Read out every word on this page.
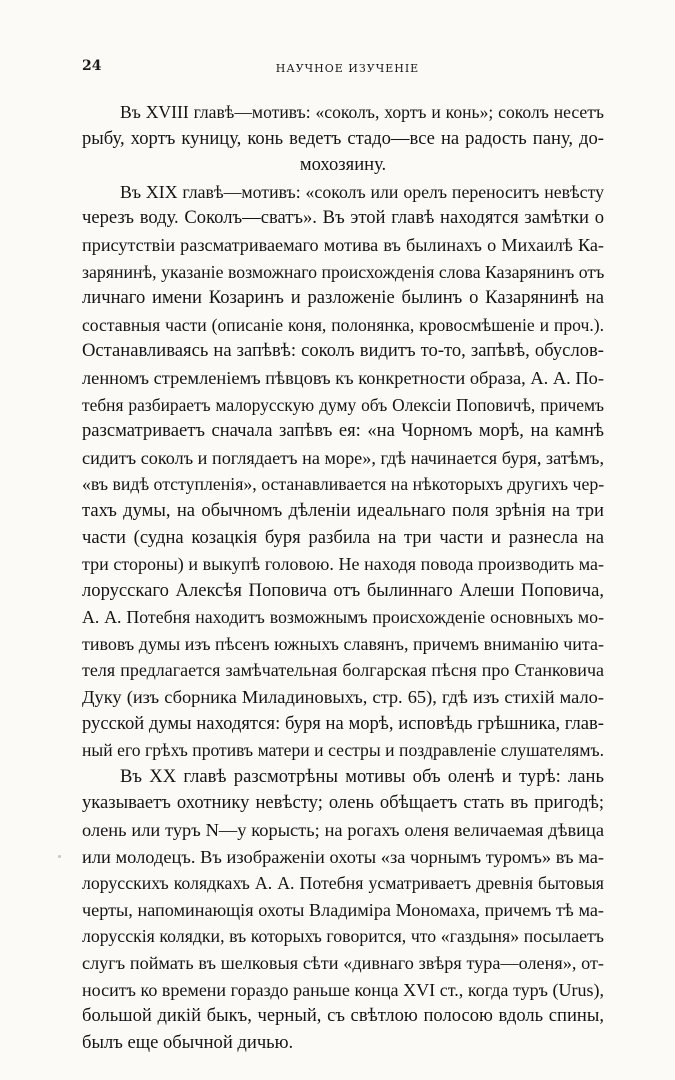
24	НАУЧНОЕ ИЗУЧЕНІЕ
Въ XVIII главѣ—мотивъ: «соколъ, хортъ и конь»; соколъ несетъ
рыбу, хортъ куницу, конь ведетъ стадо—все на радость пану, до-
мохозяину.
Въ XIX главѣ—мотивъ: «соколъ или орелъ переноситъ невѣсту
черезъ воду. Соколъ—сватъ». Въ этой главѣ находятся замѣтки о
присутствіи разсматриваемаго мотива въ былинахъ о Михаилѣ Ка-
зарянинѣ, указаніе возможнаго происхожденія слова Казарянинъ отъ
личнаго имени Козаринъ и разложеніе былинъ о Казарянинѣ на
составныя части (описаніе коня, полонянка, кровосмѣшеніе и проч.).
Останавливаясь на запѣвѣ: соколъ видитъ то-то, запѣвѣ, обуслов-
ленномъ стремленіемъ пѣвцовъ къ конкретности образа, А. А. По-
тебня разбираетъ малорусскую думу объ Олексіи Поповичѣ, причемъ
разсматриваетъ сначала запѣвъ ея: «на Чорномъ морѣ, на камнѣ
сидитъ соколъ и поглядаетъ на море», гдѣ начинается буря, затѣмъ,
«въ видѣ отступленія», останавливается на нѣкоторыхъ другихъ чер-
тахъ думы, на обычномъ дѣленіи идеальнаго поля зрѣнія на три
части (судна козацкія буря разбила на три части и разнесла на
три стороны) и выкупѣ головою. Не находя повода производить ма-
лорусскаго Алексѣя Поповича отъ былиннаго Алеши Поповича,
А. А. Потебня находитъ возможнымъ происхожденіе основныхъ мо-
тивовъ думы изъ пѣсенъ южныхъ славянъ, причемъ вниманію чита-
теля предлагается замѣчательная болгарская пѣсня про Станковича
Дуку (изъ сборника Миладиновыхъ, стр. 65), гдѣ изъ стихій мало-
русской думы находятся: буря на морѣ, исповѣдь грѣшника, глав-
ный его грѣхъ противъ матери и сестры и поздравленіе слушателямъ.
Въ XX главѣ разсмотрѣны мотивы объ оленѣ и турѣ: лань
указываетъ охотнику невѣсту; олень обѣщаетъ стать въ пригодѣ;
олень или туръ N—у корысть; на рогахъ оленя величаемая дѣвица
или молодецъ. Въ изображеніи охоты «за чорнымъ туромъ» въ ма-
лорусскихъ колядкахъ А. А. Потебня усматриваетъ древнія бытовыя
черты, напоминающія охоты Владиміра Мономаха, причемъ тѣ ма-
лорусскія колядки, въ которыхъ говорится, что «газдыня» посылаетъ
слугъ поймать въ шелковыя сѣти «дивнаго звѣря тура—оленя», от-
носитъ ко времени гораздо раньше конца XVI ст., когда туръ (Urus),
большой дикій быкъ, черный, съ свѣтлою полосою вдоль спины,
былъ еще обычной дичью.
